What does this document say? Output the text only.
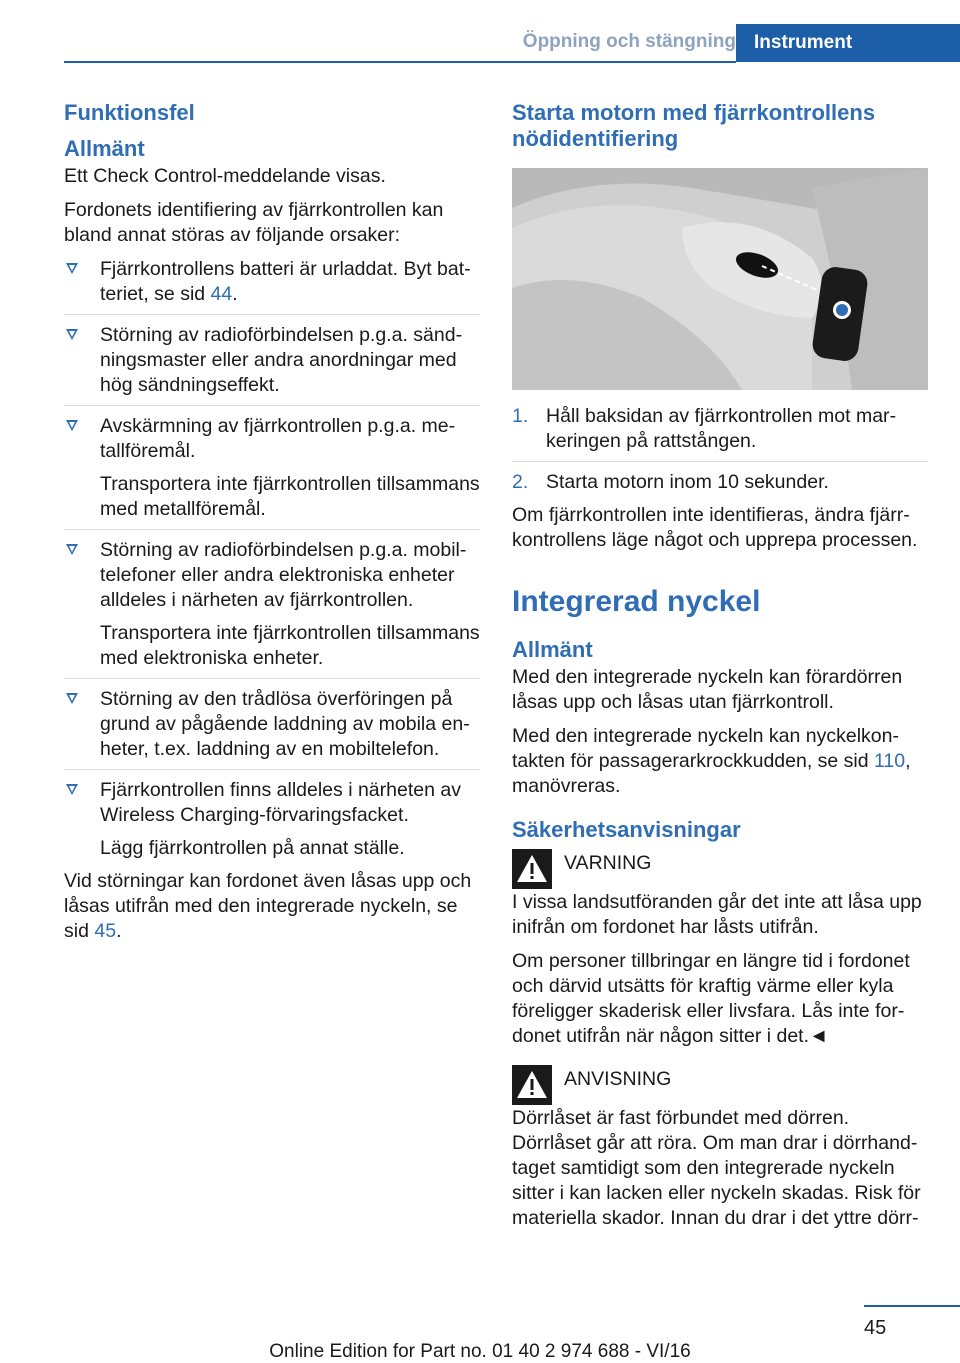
Öppning och stängning Instrument
Funktionsfel
Allmänt

Ett Check Control-meddelande visas.

Fordonets identifiering av fjärrkontrollen kan bland annat störas av följande orsaker:

Fjärrkontrollens batteri är urladdat. Byt batteriet, se sid 44.

Störning av radioförbindelsen p.g.a. sändningsmaster eller andra anordningar med hög sändningseffekt.

Avskärmning av fjärrkontrollen p.g.a. metallföremål.

Transportera inte fjärrkontrollen tillsammans med metallföremål.

Störning av radioförbindelsen p.g.a. mobiltelefoner eller andra elektroniska enheter alldeles i närheten av fjärrkontrollen.

Transportera inte fjärrkontrollen tillsammans med elektroniska enheter.

Störning av den trådlösa överföringen på grund av pågående laddning av mobila enheter, t.ex. laddning av en mobiltelefon.

Fjärrkontrollen finns alldeles i närheten av Wireless Charging-förvaringsfacket.

Lägg fjärrkontrollen på annat ställe.

Vid störningar kan fordonet även låsas upp och låsas utifrån med den integrerade nyckeln, se sid 45.

Starta motorn med fjärrkontrollens nödidentifiering
1. Håll baksidan av fjärrkontrollen mot markeringen på rattstången.
2. Starta motorn inom 10 sekunder.

Om fjärrkontrollen inte identifieras, ändra fjärrkontrollens läge något och upprepa processen.

Integrerad nyckel
Allmänt

Med den integrerade nyckeln kan förardörren låsas upp och låsas utan fjärrkontroll.

Med den integrerade nyckeln kan nyckelkontakten för passagerarkrockkudden, se sid 110, manövreras.

Säkerhetsanvisningar

VARNING

I vissa landsutföranden går det inte att låsa upp inifrån om fordonet har låsts utifrån.

Om personer tillbringar en längre tid i fordonet och därvid utsätts för kraftig värme eller kyla föreligger skaderisk eller livsfara. Lås inte fordonet utifrån när någon sitter i det.◄

ANVISNING

Dörrlåset är fast förbundet med dörren. Dörrlåset går att röra. Om man drar i dörrhandtaget samtidigt som den integrerade nyckeln sitter i kan lacken eller nyckeln skadas. Risk för materiella skador. Innan du drar i det yttre dörr-

45
Online Edition for Part no. 01 40 2 974 688 - VI/16
